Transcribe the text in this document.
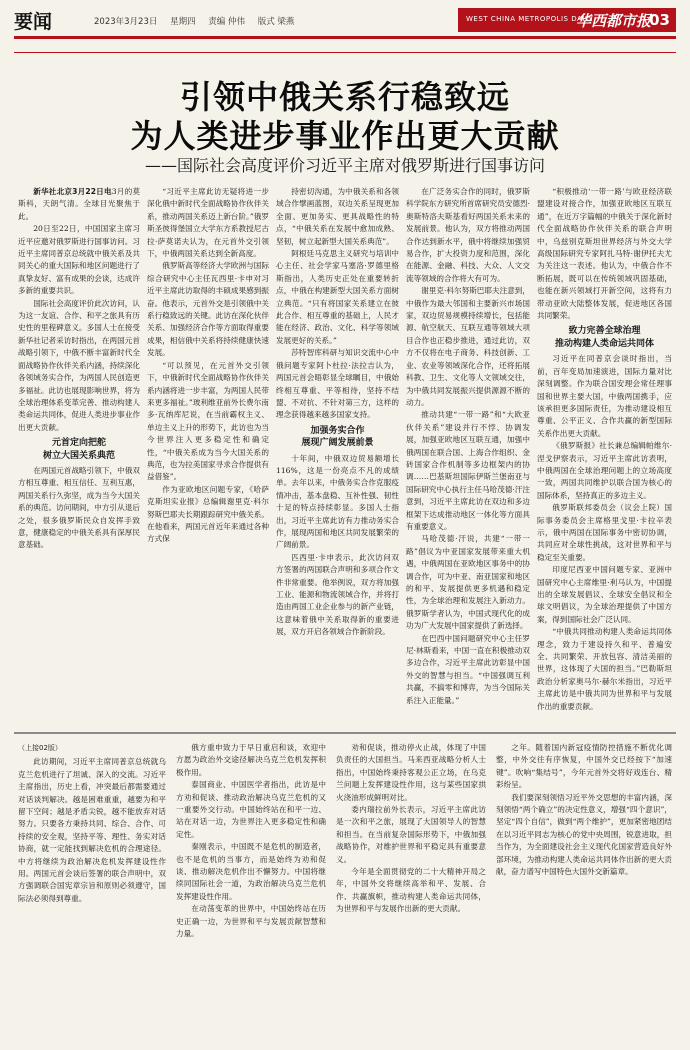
要闻	2023年3月23日 星期四 责编 仲伟 版式 梁燕	WEST CHINA METROPOLIS DAILY
华西都市报
03
引领中俄关系行稳致远
为人类进步事业作出更大贡献
——国际社会高度评价习近平主席对俄罗斯进行国事访问

新华社北京3月22日电3月的莫斯科，天朗气清。全球目光聚焦于此。

20日至22日，中国国家主席习近平应邀对俄罗斯进行国事访问。习近平主席同普京总统就中俄关系及共同关心的重大国际和地区问题进行了真挚友好、富有成果的会谈，达成许多新的重要共识。

国际社会高度评价此次访问，认为这一友谊、合作、和平之旅具有历史性的里程碑意义。多国人士在接受新华社记者采访时指出，在两国元首战略引领下，中俄不断丰富新时代全面战略协作伙伴关系内涵，持续深化各领域务实合作，为两国人民创造更多福祉。此访也展现影响世界，将为全球治理体系变革完善、推动构建人类命运共同体，促进人类进步事业作出更大贡献。

元首定向把舵
树立大国关系典范

在两国元首战略引领下，中俄双方相互尊重、相互信任、互利互惠，两国关系行久弥坚，成为当今大国关系的典范。访问期间，中方引从退后之处，很多俄罗斯民众自发挥手致意，健康稳定的中俄关系具有深厚民意基础。

“习近平主席此访无疑将进一步深化俄中新时代全面战略协作伙伴关系，推动两国关系迈上新台阶。”俄罗斯圣彼得堡国立大学东方系教授尼古拉·萨莫诺夫认为，在元首外交引领下，中俄两国关系达到全新高度。

俄罗斯高等经济大学欧洲与国际综合研究中心主任瓦西里·卡申对习近平主席此访取得的丰硕成果感到振奋。他表示，元首外交是引领俄中关系行稳致远的关键。此访在深化伙伴关系、加强经济合作等方面取得重要成果，相信俄中关系将持续健康快速发展。

“可以预见，在元首外交引领下，中俄新时代全面战略协作伙伴关系内涵将进一步丰富，为两国人民带来更多福祉。”玻利维亚前外长费尔南多·瓦纳库尼说，在当前霸权主义、单边主义上升的形势下，此访也为当今世界注入更多稳定性和确定性，“中俄关系成为当今大国关系的典范，也为拉美国家寻求合作提供有益借鉴”。

作为亚欧地区问题专家，《哈萨克斯坦实业报》总编辑谢里克·科尔努斯巴耶夫长期跟踪研究中俄关系。在他看来，两国元首近年来通过各种方式保

持密切沟通，为中俄关系和各领域合作擘画蓝图，双边关系呈现更加全面、更加务实、更具战略性的特点，“中俄关系在发展中愈加成熟、坚韧，树立起新型大国关系典范”。

阿根廷马克思主义研究与培训中心主任、社会学家马塞洛·罗德里格斯指出，人类历史正处在重要转折点，中俄在构建新型大国关系方面树立典范。“只有将国家关系建立在彼此合作、相互尊重的基础上，人民才能在经济、政治、文化、科学等领域发展更好的关系。”

莎特智库科研与知识交流中心中俄问题专家阿卜杜拉·法拉吉认为，两国元首会晤彰显全球瞩目，中俄始终相互尊重、平等相待，坚持不结盟、不对抗、不针对第三方，这样的理念获得越来越多国家支持。

加强务实合作
展现广阔发展前景

十年间，中俄双边贸易额增长116%，这是一份亮点不凡的成绩单。去年以来，中俄务实合作克服疫情冲击，基本盘稳、互补性强、韧性十足的特点持续彰显。多国人士指出，习近平主席此访有力推动务实合作，展现两国和地区共同发展繁荣的广阔前景。

匹西里·卡申表示，此次访问双方签署的两国联合声明和多项合作文件非常重要。他举例说，双方将加强工业、能源和物流领域合作，并将打造由两国工业企业参与的新产业链，这意味着俄中关系取得新的重要进展，双方开启各领域合作新阶段。

在广泛务实合作的同时，俄罗斯科学院东方研究所首席研究员安德烈·奥斯特洛夫斯基看好两国关系未来的发展前景。他认为，双方将推动两国合作达到新水平，俄中将继续加强贸易合作，扩大投资力度和范围，深化在能源、金融、科技、大众、人文交流等领域的合作将大有可为。

谢里克·科尔努斯巴耶夫注意到，中俄作为最大邻国和主要新兴市场国家，双边贸易规模持续增长，包括能源、航空航天、互联互通等领域大项目合作也正稳步推进，通过此访，双方不仅将在电子商务、科技创新、工业、农业等领域深化合作，还将拓展科教、卫生、文化等人文领域交往，为中俄共同发展振兴提供源源不断的动力。

推动共建“一带一路”和“大欧亚伙伴关系”建设并行不悖、协调发展，加强亚欧地区互联互通，加强中俄两国在联合国、上海合作组织、金砖国家合作机制等多边框架内的协调……巴基斯坦国际伊斯兰堡南亚与国际研究中心执行主任马哈茂德·汗注意到，习近平主席此访在双边和多边框架下达成推动地区一体化等方面具有重要意义。

马哈茂德·汗说，共建“一带一路”倡议为中亚国家发展带来重大机遇，中俄两国在亚欧地区事务中的协调合作，可为中亚、南亚国家和地区的和平、发展提供更多机遇和稳定性，为全球治理和发展注入新动力。俄罗斯学者认为，中国式现代化的成功为广大发展中国家提供了新选择。

在巴西中国问题研究中心主任罗尼·林斯看来，中国一直在积极推动双多边合作，习近平主席此访彰显中国外交的智慧与担当。“中国强调互利共赢，不搞零和博弈，为当今国际关系注入正能量。”

“积极推动‘一带一路’与欧亚经济联盟建设对接合作，加强亚欧地区互联互通”，在近万字篇幅的中俄关于深化新时代全面战略协作伙伴关系的联合声明中，乌兹别克斯坦世界经济与外交大学高级国际研究专家阿扎马特·谢伊托夫尤为关注这一表述。他认为，中俄合作不断拓展，既可以在传统领域巩固基础，也能在新兴领域打开新空间，这将有力带动亚欧大陆整体发展，促进地区各国共同繁荣。

致力完善全球治理
推动构建人类命运共同体

习近平在同普京会谈时指出，当前，百年变局加速演进，国际力量对比深刻调整。作为联合国安理会常任理事国和世界主要大国，中俄两国携手，应该承担更多国际责任，为推动建设相互尊重、公平正义、合作共赢的新型国际关系作出更大贡献。

《俄罗斯报》社长兼总编辑帕维尔·涅戈伊察表示，习近平主席此访表明，中俄两国在全球治理问题上的立场高度一致，两国共同维护以联合国为核心的国际体系，坚持真正的多边主义。

俄罗斯联邦委员会（议会上院）国际事务委员会主席格里戈里·卡拉辛表示，俄中两国在国际事务中密切协调，共同应对全球性挑战，这对世界和平与稳定至关重要。

印度尼西亚中国问题专家、亚洲中国研究中心主席维里·利马认为，中国提出的全球发展倡议、全球安全倡议和全球文明倡议，为全球治理提供了中国方案，得到国际社会广泛认同。

“中俄共同推动构建人类命运共同体理念，致力于建设持久和平、普遍安全、共同繁荣、开放包容、清洁美丽的世界，这体现了大国的担当。”巴勒斯坦政治分析家奥马尔·赫尔米指出，习近平主席此访是中俄共同为世界和平与发展作出的重要贡献。

（上接02版）

此访期间，习近平主席同普京总统就乌克兰危机进行了坦诚、深入的交流。习近平主席指出，历史上看，冲突最后都需要通过对话谈判解决。越是困难重重，越要为和平留下空间；越是矛盾尖锐，越不能放弃对话努力。只要各方秉持共同、综合、合作、可持续的安全观，坚持平等、理性、务实对话协商，就一定能找到解决危机的合理途径。中方将继续为政治解决危机发挥建设性作用。两国元首会谈后签署的联合声明中，双方强调联合国宪章宗旨和原则必须遵守，国际法必须得到尊重。

俄方重申致力于早日重启和谈，欢迎中方愿为政治外交途径解决乌克兰危机发挥积极作用。

泰国商业、中国医学者指出，此访是中方劝和促谈、推动政治解决乌克兰危机的又一重要外交行动。中国始终站在和平一边、站在对话一边，为世界注入更多稳定性和确定性。

秦刚表示，中国既不是危机的制造者，也不是危机的当事方，而是始终为劝和促谈、推动解决危机作出不懈努力。中国将继续同国际社会一道，为政治解决乌克兰危机发挥建设性作用。

在动荡变革的世界中，中国始终站在历史正确一边，为世界和平与发展贡献智慧和力量。

劝和促谈，推动停火止战，体现了中国负责任的大国担当。马来西亚战略分析人士指出，中国始终秉持客观公正立场，在乌克兰问题上发挥建设性作用，这与某些国家拱火浇油形成鲜明对比。

委内瑞拉前外长表示，习近平主席此访是一次和平之旅，展现了大国领导人的智慧和担当。在当前复杂国际形势下，中俄加强战略协作，对维护世界和平稳定具有重要意义。

今年是全面贯彻党的二十大精神开局之年，中国外交将继续高举和平、发展、合作、共赢旗帜，推动构建人类命运共同体，为世界和平与发展作出新的更大贡献。

之年。随着国内新冠疫情防控措施不断优化调整，中外交往有序恢复，中国外交已经按下“加速键”。吹响“集结号”，今年元首外交将好戏连台、精彩纷呈。

我们要深刻领悟习近平外交思想的丰富内涵，深刻领悟“两个确立”的决定性意义，增强“四个意识”，坚定“四个自信”，做到“两个维护”，更加紧密地团结在以习近平同志为核心的党中央周围，锐意进取，担当作为，为全面建设社会主义现代化国家营造良好外部环境，为推动构建人类命运共同体作出新的更大贡献，奋力谱写中国特色大国外交新篇章。
